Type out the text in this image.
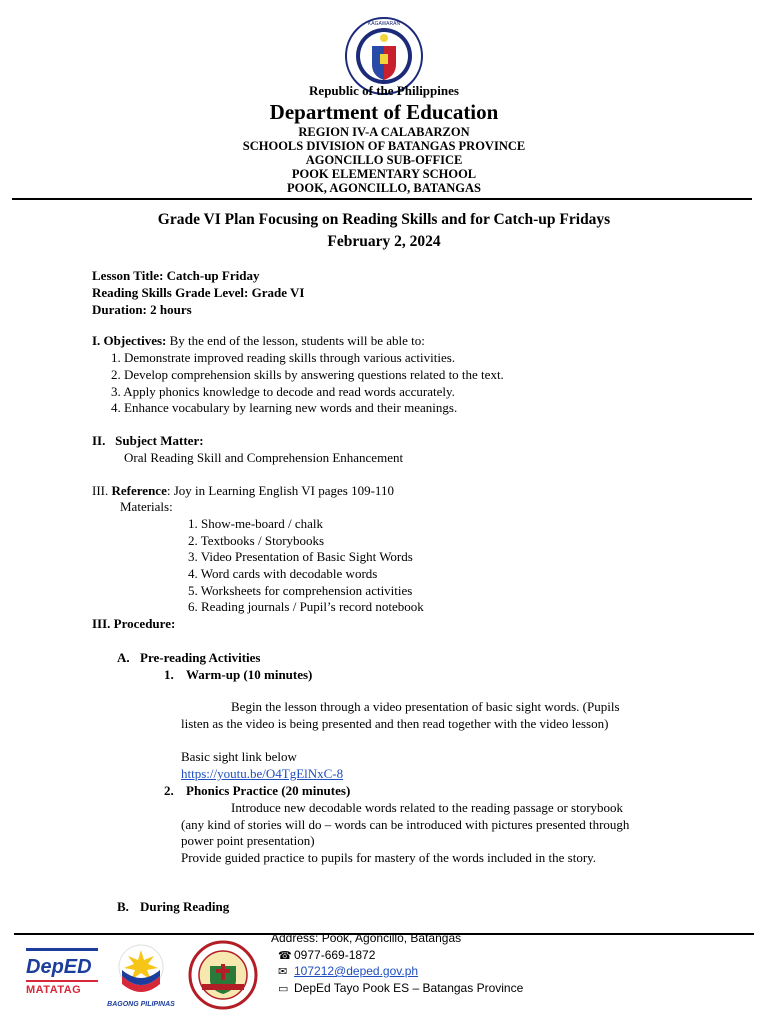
KAGAWARAN
Republic of the Philippines
Department of Education
REGION IV-A CALABARZON
SCHOOLS DIVISION OF BATANGAS PROVINCE
AGONCILLO SUB-OFFICE
POOK ELEMENTARY SCHOOL
POOK, AGONCILLO, BATANGAS
Grade VI Plan Focusing on Reading Skills and for Catch-up Fridays
February 2, 2024
Lesson Title: Catch-up Friday
Reading Skills Grade Level: Grade VI
Duration: 2 hours
I. Objectives: By the end of the lesson, students will be able to:
1. Demonstrate improved reading skills through various activities.
2. Develop comprehension skills by answering questions related to the text.
3. Apply phonics knowledge to decode and read words accurately.
4. Enhance vocabulary by learning new words and their meanings.
II.   Subject Matter:
Oral Reading Skill and Comprehension Enhancement
III. Reference: Joy in Learning English VI pages 109-110
Materials:
1. Show-me-board / chalk
2. Textbooks / Storybooks
3. Video Presentation of Basic Sight Words
4. Word cards with decodable words
5. Worksheets for comprehension activities
6. Reading journals / Pupil’s record notebook
III. Procedure:
A. Pre-reading Activities
1. Warm-up (10 minutes)
Begin the lesson through a video presentation of basic sight words. (Pupils
listen as the video is being presented and then read together with the video lesson)
Basic sight link below
https://youtu.be/O4TgElNxC-8
2. Phonics Practice (20 minutes)
Introduce new decodable words related to the reading passage or storybook
(any kind of stories will do – words can be introduced with pictures presented through
power point presentation)
Provide guided practice to pupils for mastery of the words included in the story.
B. During Reading
DepED
MATATAG
BAGONG PILIPINAS
Address: Pook, Agoncillo, Batangas
☎ 0977-669-1872
✉ 107212@deped.gov.ph
▭ DepEd Tayo Pook ES – Batangas Province
